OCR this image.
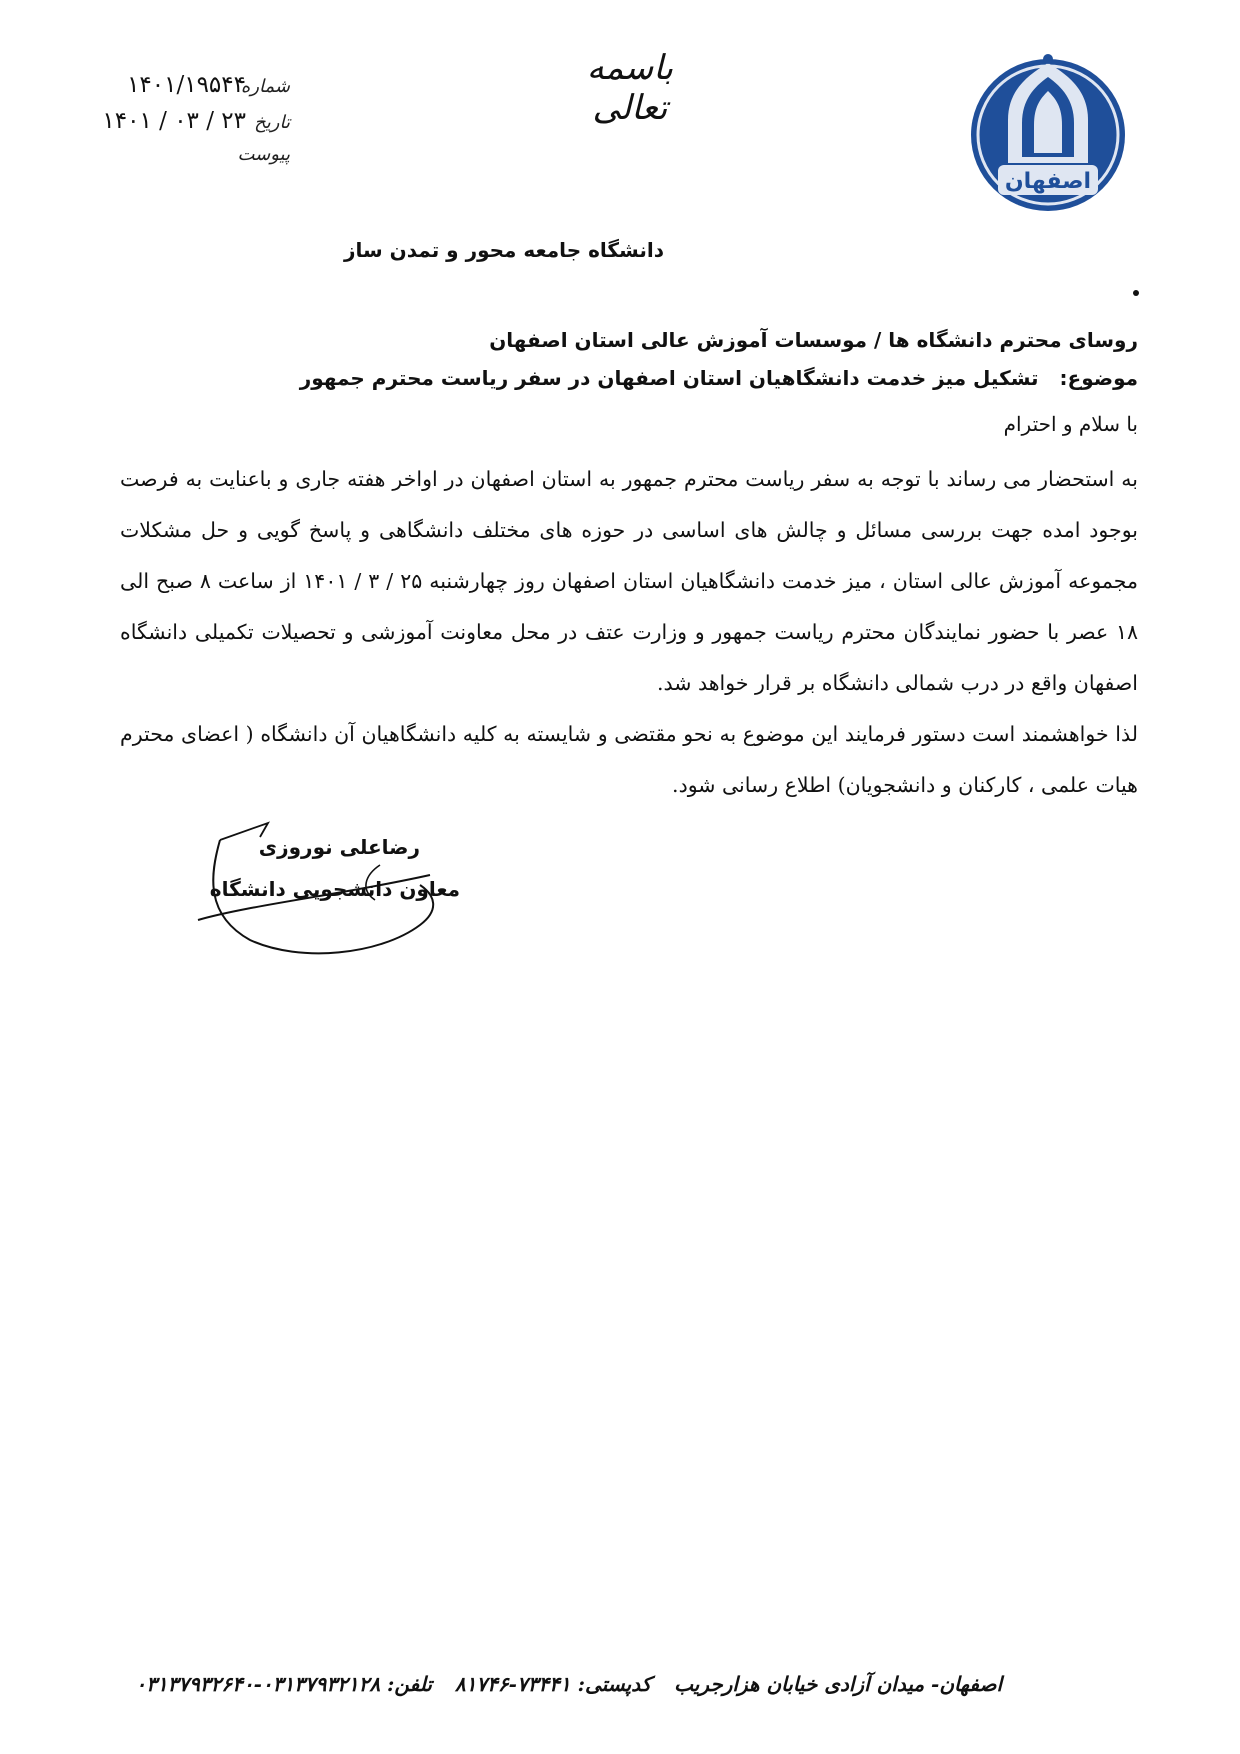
شماره
۱۴۰۱/۱۹۵۴۴
تاریخ
۱۴۰۱ / ۰۳ / ۲۳
پیوست
باسمه تعالی
اصفهان
دانشگاه جامعه محور و تمدن ساز
روسای محترم دانشگاه ها / موسسات آموزش عالی استان اصفهان
موضوع: تشکیل میز خدمت دانشگاهیان استان اصفهان در سفر ریاست محترم جمهور
با سلام و احترام

به استحضار می رساند با توجه به سفر ریاست محترم جمهور به استان اصفهان در اواخر هفته جاری و باعنایت به فرصت بوجود امده جهت بررسی مسائل و چالش های اساسی در حوزه های مختلف دانشگاهی و پاسخ گویی و حل مشکلات مجموعه آموزش عالی استان ، میز خدمت دانشگاهیان استان اصفهان روز چهارشنبه ۲۵ / ۳ / ۱۴۰۱ از ساعت ۸ صبح الی ۱۸ عصر با حضور نمایندگان محترم ریاست جمهور و وزارت عتف در محل معاونت آموزشی و تحصیلات تکمیلی دانشگاه اصفهان واقع در درب شمالی دانشگاه بر قرار خواهد شد.

لذا خواهشمند است دستور فرمایند این موضوع به نحو مقتضی و شایسته به کلیه دانشگاهیان آن دانشگاه ( اعضای محترم هیات علمی ، کارکنان و دانشجویان) اطلاع رسانی شود.

رضاعلی نوروزی
معاون دانشجویی دانشگاه
اصفهان- میدان آزادی خیابان هزارجریب کدپستی: ۷۳۴۴۱-۸۱۷۴۶ تلفن: ۰۳۱۳۷۹۳۲۱۲۸-۰۳۱۳۷۹۳۲۶۴۰
